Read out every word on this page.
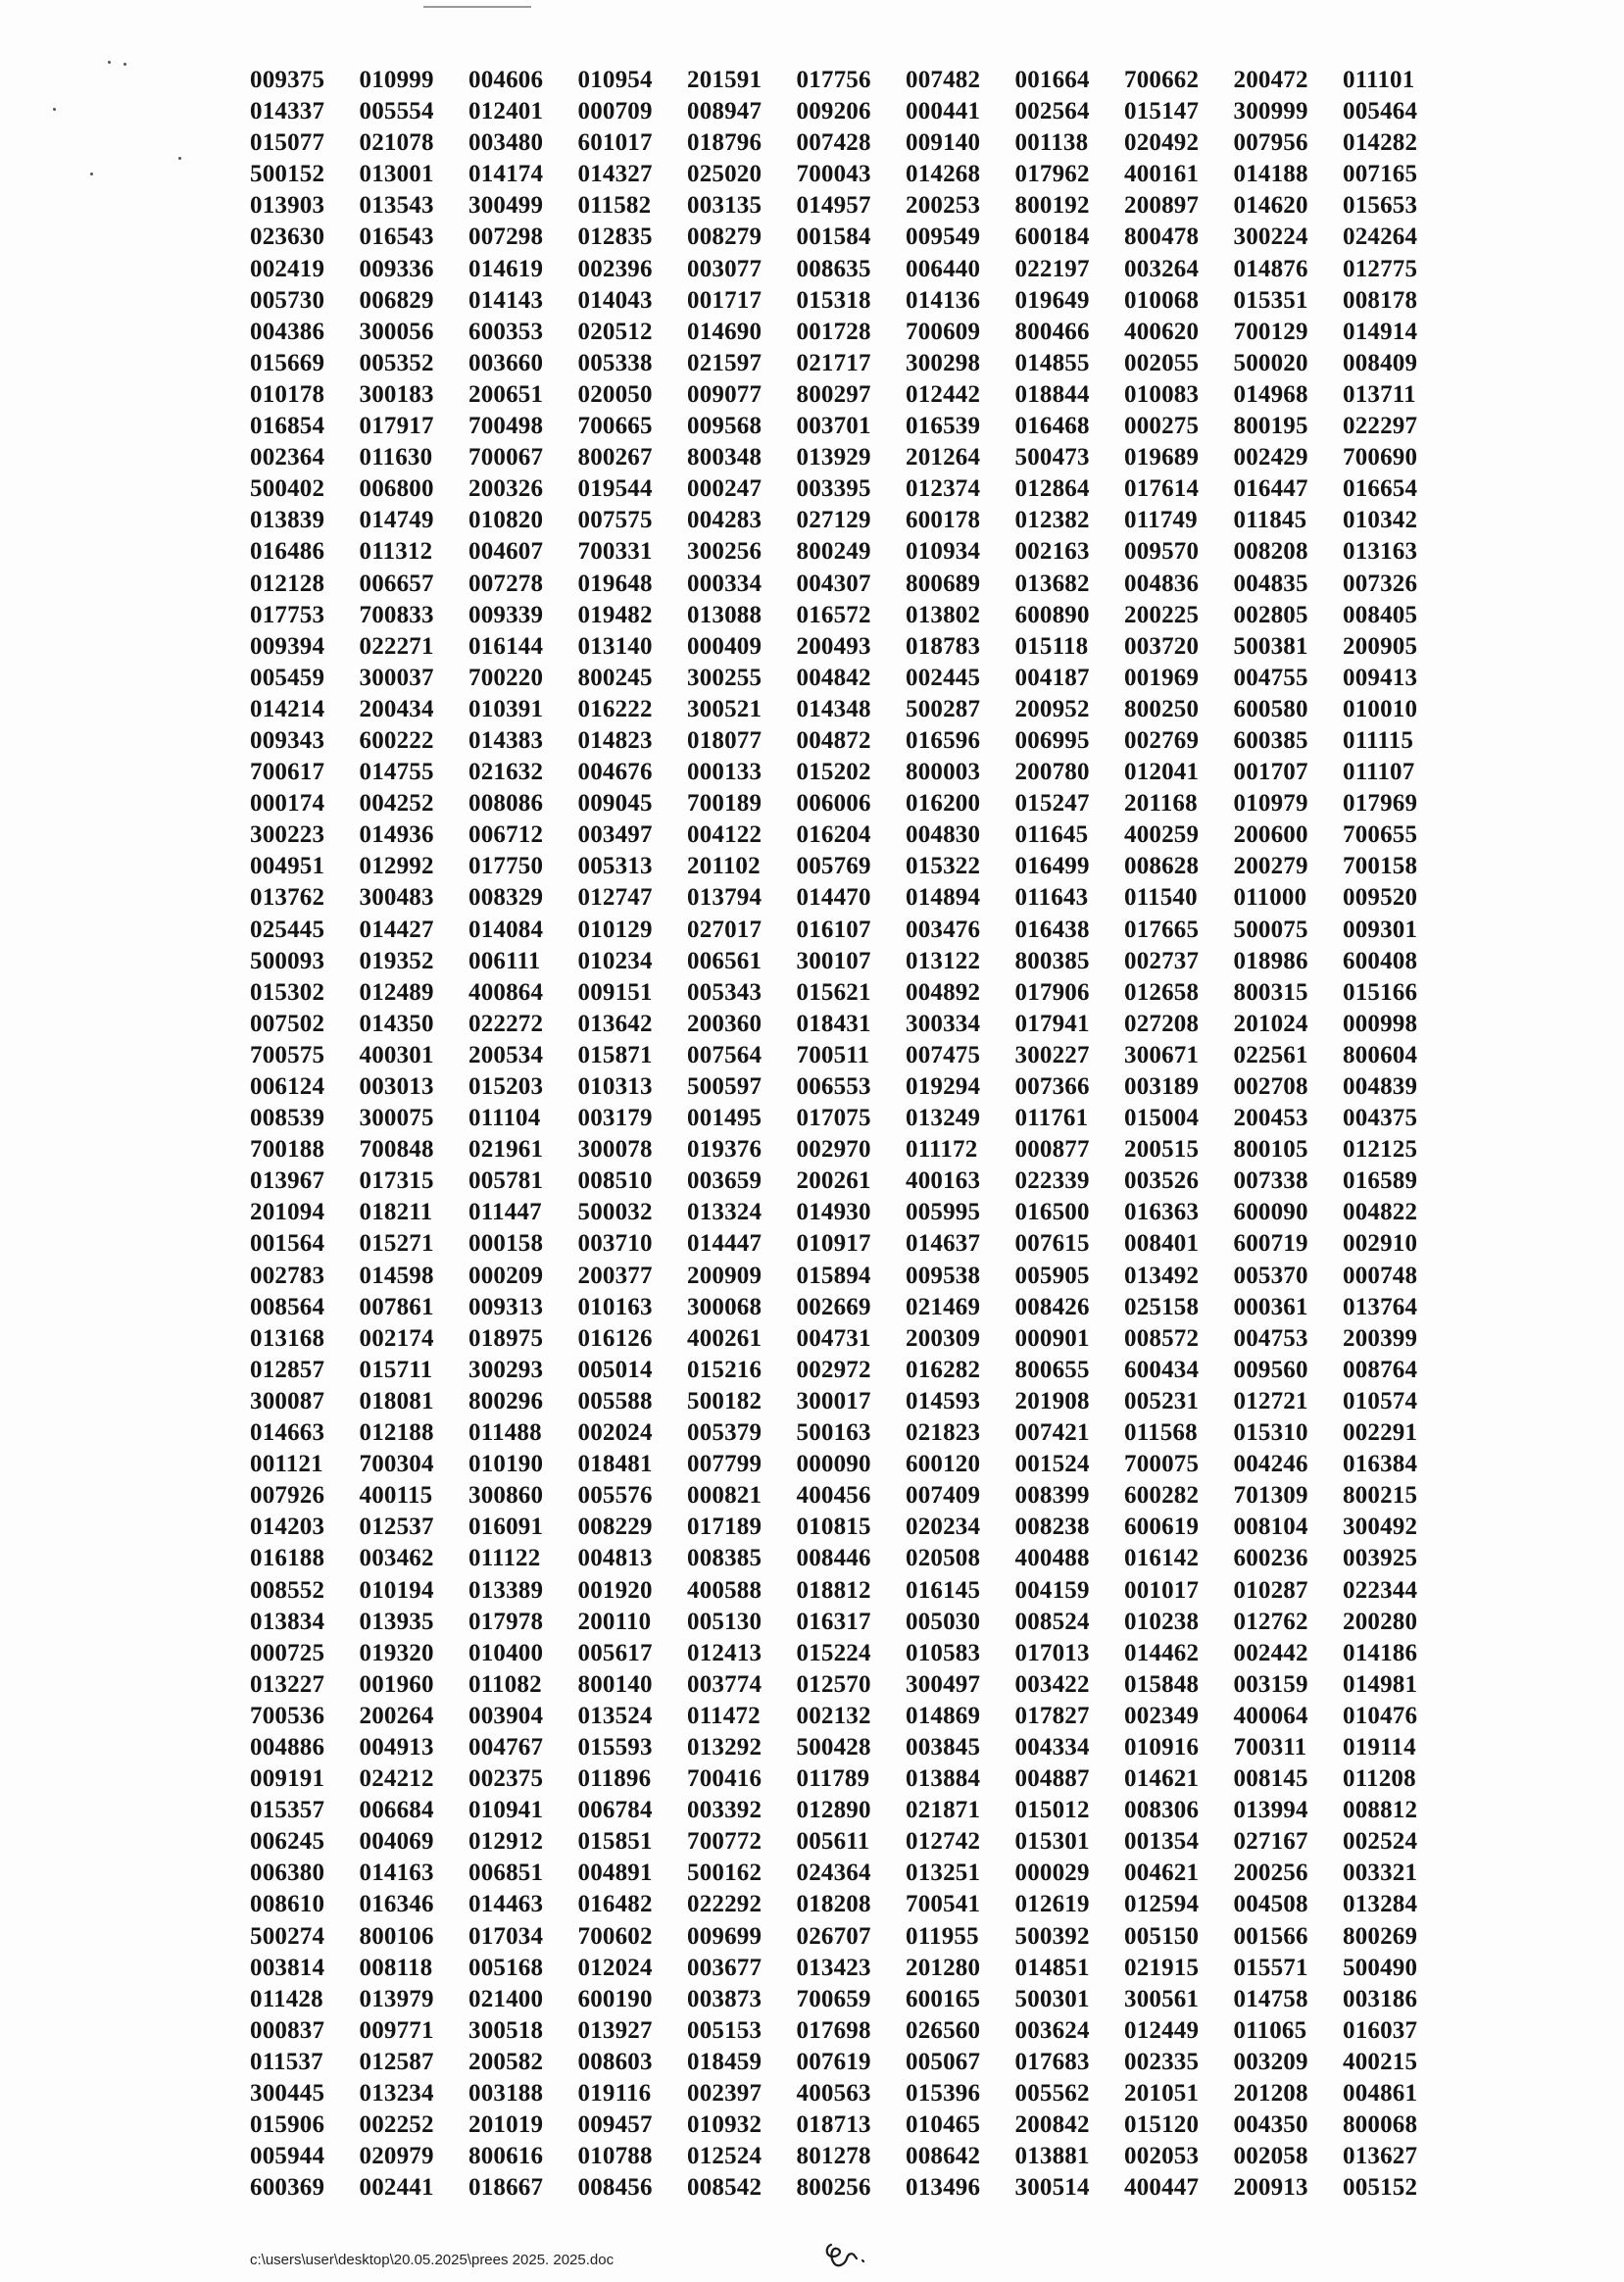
009375	010999	004606	010954	201591	017756	007482	001664	700662	200472	011101
014337	005554	012401	000709	008947	009206	000441	002564	015147	300999	005464
015077	021078	003480	601017	018796	007428	009140	001138	020492	007956	014282
500152	013001	014174	014327	025020	700043	014268	017962	400161	014188	007165
013903	013543	300499	011582	003135	014957	200253	800192	200897	014620	015653
023630	016543	007298	012835	008279	001584	009549	600184	800478	300224	024264
002419	009336	014619	002396	003077	008635	006440	022197	003264	014876	012775
005730	006829	014143	014043	001717	015318	014136	019649	010068	015351	008178
004386	300056	600353	020512	014690	001728	700609	800466	400620	700129	014914
015669	005352	003660	005338	021597	021717	300298	014855	002055	500020	008409
010178	300183	200651	020050	009077	800297	012442	018844	010083	014968	013711
016854	017917	700498	700665	009568	003701	016539	016468	000275	800195	022297
002364	011630	700067	800267	800348	013929	201264	500473	019689	002429	700690
500402	006800	200326	019544	000247	003395	012374	012864	017614	016447	016654
013839	014749	010820	007575	004283	027129	600178	012382	011749	011845	010342
016486	011312	004607	700331	300256	800249	010934	002163	009570	008208	013163
012128	006657	007278	019648	000334	004307	800689	013682	004836	004835	007326
017753	700833	009339	019482	013088	016572	013802	600890	200225	002805	008405
009394	022271	016144	013140	000409	200493	018783	015118	003720	500381	200905
005459	300037	700220	800245	300255	004842	002445	004187	001969	004755	009413
014214	200434	010391	016222	300521	014348	500287	200952	800250	600580	010010
009343	600222	014383	014823	018077	004872	016596	006995	002769	600385	011115
700617	014755	021632	004676	000133	015202	800003	200780	012041	001707	011107
000174	004252	008086	009045	700189	006006	016200	015247	201168	010979	017969
300223	014936	006712	003497	004122	016204	004830	011645	400259	200600	700655
004951	012992	017750	005313	201102	005769	015322	016499	008628	200279	700158
013762	300483	008329	012747	013794	014470	014894	011643	011540	011000	009520
025445	014427	014084	010129	027017	016107	003476	016438	017665	500075	009301
500093	019352	006111	010234	006561	300107	013122	800385	002737	018986	600408
015302	012489	400864	009151	005343	015621	004892	017906	012658	800315	015166
007502	014350	022272	013642	200360	018431	300334	017941	027208	201024	000998
700575	400301	200534	015871	007564	700511	007475	300227	300671	022561	800604
006124	003013	015203	010313	500597	006553	019294	007366	003189	002708	004839
008539	300075	011104	003179	001495	017075	013249	011761	015004	200453	004375
700188	700848	021961	300078	019376	002970	011172	000877	200515	800105	012125
013967	017315	005781	008510	003659	200261	400163	022339	003526	007338	016589
201094	018211	011447	500032	013324	014930	005995	016500	016363	600090	004822
001564	015271	000158	003710	014447	010917	014637	007615	008401	600719	002910
002783	014598	000209	200377	200909	015894	009538	005905	013492	005370	000748
008564	007861	009313	010163	300068	002669	021469	008426	025158	000361	013764
013168	002174	018975	016126	400261	004731	200309	000901	008572	004753	200399
012857	015711	300293	005014	015216	002972	016282	800655	600434	009560	008764
300087	018081	800296	005588	500182	300017	014593	201908	005231	012721	010574
014663	012188	011488	002024	005379	500163	021823	007421	011568	015310	002291
001121	700304	010190	018481	007799	000090	600120	001524	700075	004246	016384
007926	400115	300860	005576	000821	400456	007409	008399	600282	701309	800215
014203	012537	016091	008229	017189	010815	020234	008238	600619	008104	300492
016188	003462	011122	004813	008385	008446	020508	400488	016142	600236	003925
008552	010194	013389	001920	400588	018812	016145	004159	001017	010287	022344
013834	013935	017978	200110	005130	016317	005030	008524	010238	012762	200280
000725	019320	010400	005617	012413	015224	010583	017013	014462	002442	014186
013227	001960	011082	800140	003774	012570	300497	003422	015848	003159	014981
700536	200264	003904	013524	011472	002132	014869	017827	002349	400064	010476
004886	004913	004767	015593	013292	500428	003845	004334	010916	700311	019114
009191	024212	002375	011896	700416	011789	013884	004887	014621	008145	011208
015357	006684	010941	006784	003392	012890	021871	015012	008306	013994	008812
006245	004069	012912	015851	700772	005611	012742	015301	001354	027167	002524
006380	014163	006851	004891	500162	024364	013251	000029	004621	200256	003321
008610	016346	014463	016482	022292	018208	700541	012619	012594	004508	013284
500274	800106	017034	700602	009699	026707	011955	500392	005150	001566	800269
003814	008118	005168	012024	003677	013423	201280	014851	021915	015571	500490
011428	013979	021400	600190	003873	700659	600165	500301	300561	014758	003186
000837	009771	300518	013927	005153	017698	026560	003624	012449	011065	016037
011537	012587	200582	008603	018459	007619	005067	017683	002335	003209	400215
300445	013234	003188	019116	002397	400563	015396	005562	201051	201208	004861
015906	002252	201019	009457	010932	018713	010465	200842	015120	004350	800068
005944	020979	800616	010788	012524	801278	008642	013881	002053	002058	013627
600369	002441	018667	008456	008542	800256	013496	300514	400447	200913	005152
c:\users\user\desktop\20.05.2025\prees 2025. 2025.doc
